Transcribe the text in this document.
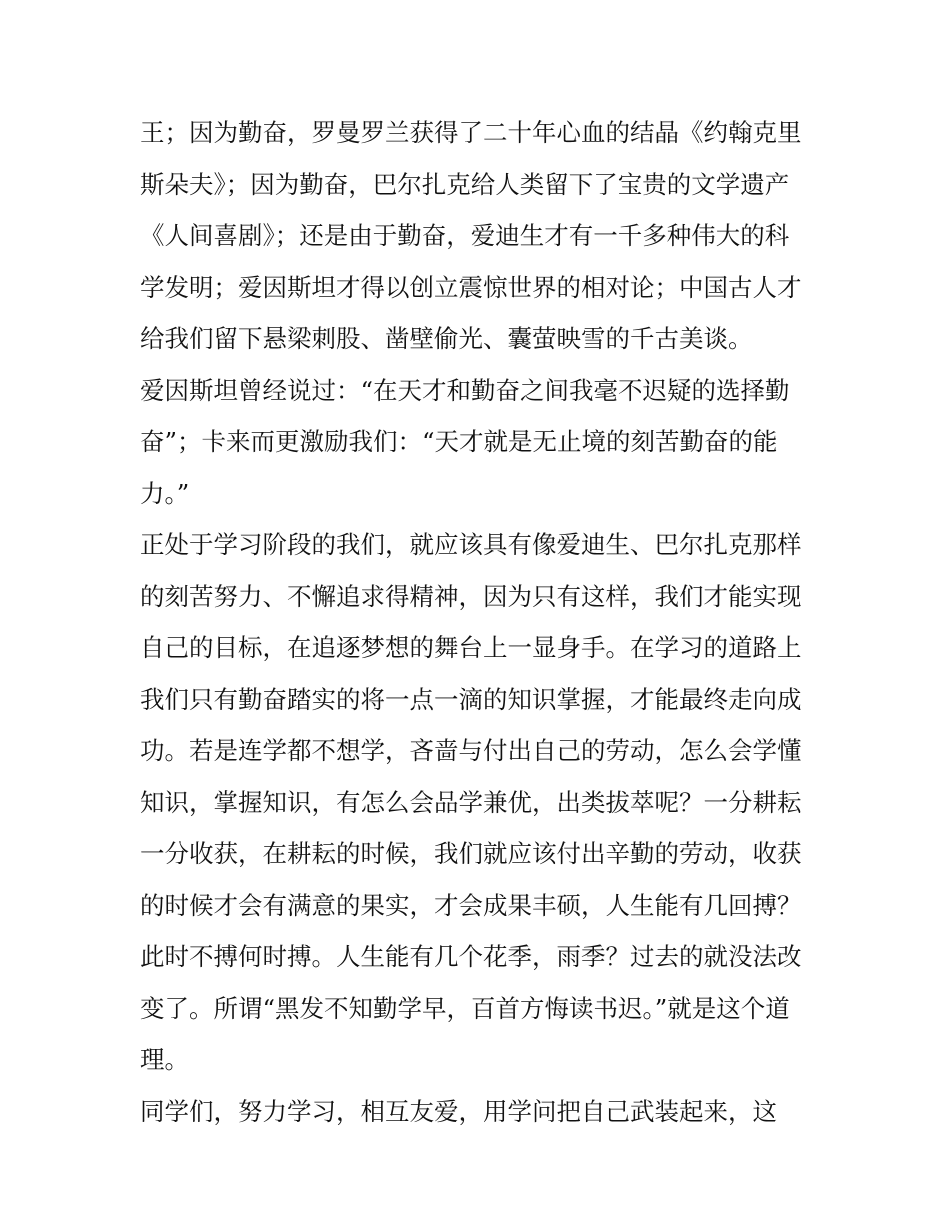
王；因为勤奋，罗曼罗兰获得了二十年心血的结晶《约翰克里
斯朵夫》；因为勤奋，巴尔扎克给人类留下了宝贵的文学遗产
《人间喜剧》；还是由于勤奋，爱迪生才有一千多种伟大的科
学发明；爱因斯坦才得以创立震惊世界的相对论；中国古人才
给我们留下悬梁刺股、凿壁偷光、囊萤映雪的千古美谈。
爱因斯坦曾经说过：“在天才和勤奋之间我毫不迟疑的选择勤
奋”；卡来而更激励我们：“天才就是无止境的刻苦勤奋的能
力。”
正处于学习阶段的我们，就应该具有像爱迪生、巴尔扎克那样
的刻苦努力、不懈追求得精神，因为只有这样，我们才能实现
自己的目标，在追逐梦想的舞台上一显身手。在学习的道路上
我们只有勤奋踏实的将一点一滴的知识掌握，才能最终走向成
功。若是连学都不想学，吝啬与付出自己的劳动，怎么会学懂
知识，掌握知识，有怎么会品学兼优，出类拔萃呢？一分耕耘
一分收获，在耕耘的时候，我们就应该付出辛勤的劳动，收获
的时候才会有满意的果实，才会成果丰硕，人生能有几回搏？
此时不搏何时搏。人生能有几个花季，雨季？过去的就没法改
变了。所谓“黑发不知勤学早，百首方悔读书迟。”就是这个道
理。
同学们，努力学习，相互友爱，用学问把自己武装起来，这
